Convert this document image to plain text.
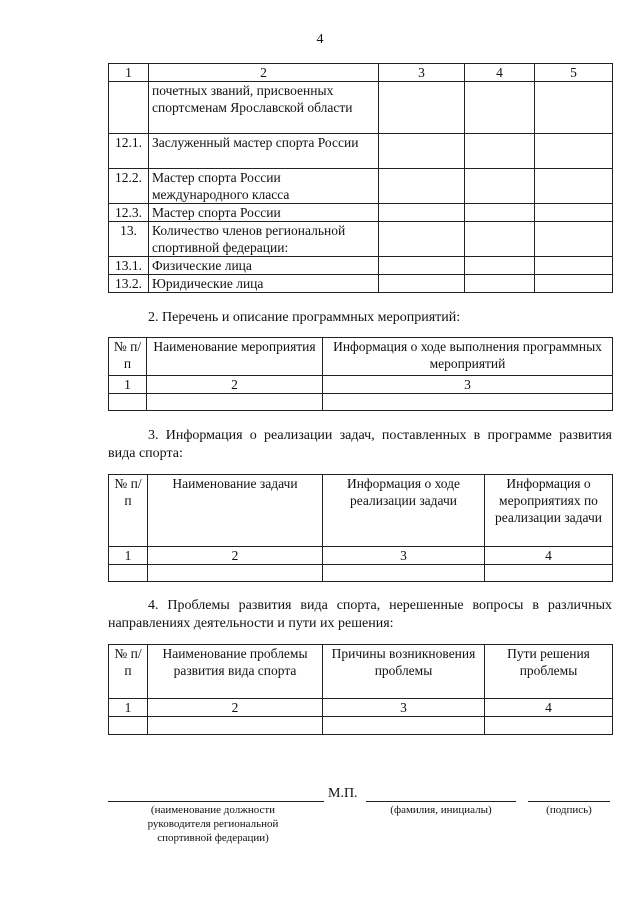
4
1	2	3	4	5
	почетных званий, присвоенных спортсменам Ярославской области			
12.1.	Заслуженный мастер спорта России			
12.2.	Мастер спорта России международного класса			
12.3.	Мастер спорта России			
13.	Количество членов региональной спортивной федерации:			
13.1.	Физические лица			
13.2.	Юридические лица			
2. Перечень и описание программных мероприятий:
№ п/п	Наименование мероприятия	Информация о ходе выполнения программных мероприятий
1	2	3

3. Информация о реализации задач, поставленных в программе развития вида спорта:
№ п/п	Наименование задачи	Информация о ходе реализации задачи	Информация о мероприятиях по реализации задачи
1	2	3	4

4. Проблемы развития вида спорта, нерешенные вопросы в различных направлениях деятельности и пути их решения:
№ п/п	Наименование проблемы развития вида спорта	Причины возникновения проблемы	Пути решения проблемы
1	2	3	4

М.П.
(наименование должности руководителя региональной спортивной федерации)
(фамилия, инициалы)	(подпись)
